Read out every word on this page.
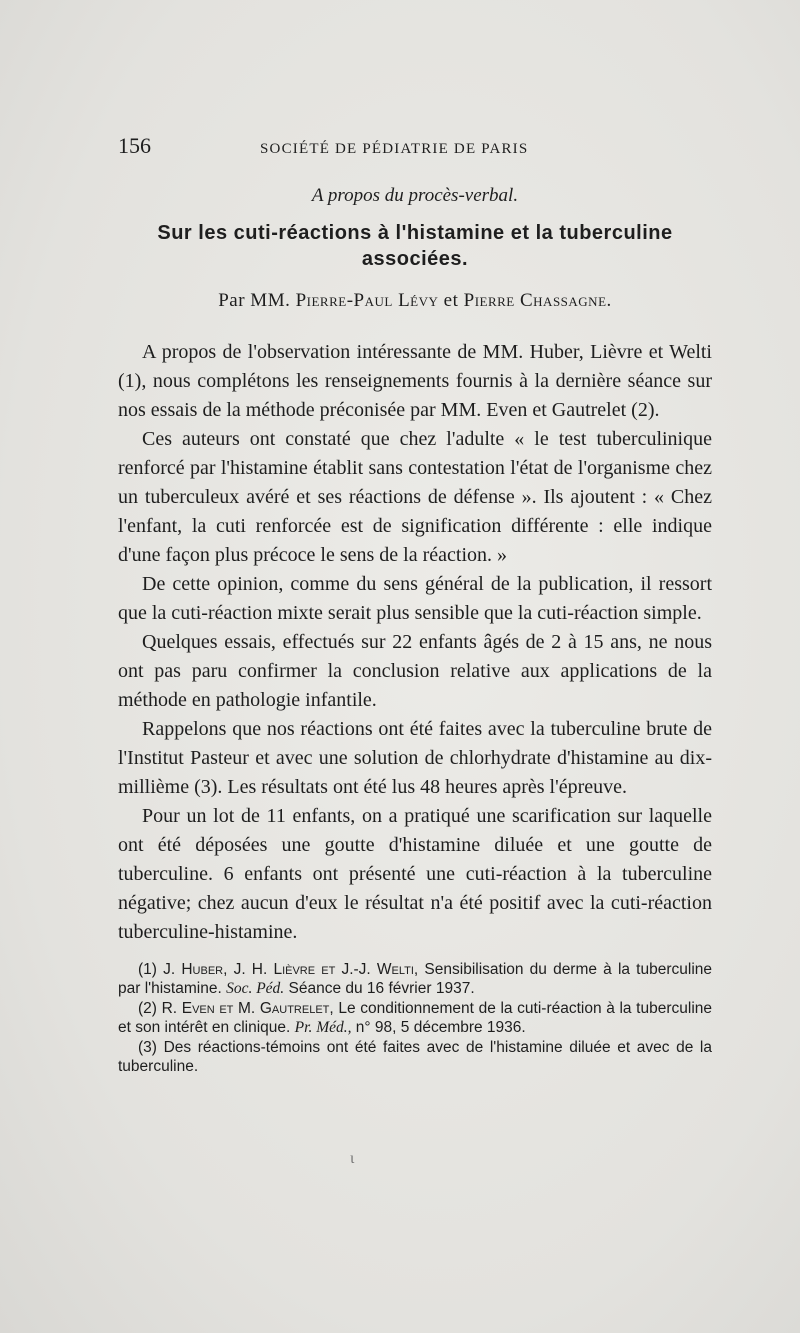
156	SOCIÉTÉ DE PÉDIATRIE DE PARIS

A propos du procès-verbal.

Sur les cuti-réactions à l'histamine et la tuberculine associées.

Par MM. Pierre-Paul Lévy et Pierre Chassagne.

A propos de l'observation intéressante de MM. Huber, Lièvre et Welti (1), nous complétons les renseignements fournis à la dernière séance sur nos essais de la méthode préconisée par MM. Even et Gautrelet (2).

Ces auteurs ont constaté que chez l'adulte « le test tuberculinique renforcé par l'histamine établit sans contestation l'état de l'organisme chez un tuberculeux avéré et ses réactions de défense ». Ils ajoutent : « Chez l'enfant, la cuti renforcée est de signification différente : elle indique d'une façon plus précoce le sens de la réaction. »

De cette opinion, comme du sens général de la publication, il ressort que la cuti-réaction mixte serait plus sensible que la cuti-réaction simple.

Quelques essais, effectués sur 22 enfants âgés de 2 à 15 ans, ne nous ont pas paru confirmer la conclusion relative aux applications de la méthode en pathologie infantile.

Rappelons que nos réactions ont été faites avec la tuberculine brute de l'Institut Pasteur et avec une solution de chlorhydrate d'histamine au dix-millième (3). Les résultats ont été lus 48 heures après l'épreuve.

Pour un lot de 11 enfants, on a pratiqué une scarification sur laquelle ont été déposées une goutte d'histamine diluée et une goutte de tuberculine. 6 enfants ont présenté une cuti-réaction à la tuberculine négative; chez aucun d'eux le résultat n'a été positif avec la cuti-réaction tuberculine-histamine.

(1) J. Huber, J. H. Lièvre et J.-J. Welti, Sensibilisation du derme à la tuberculine par l'histamine. Soc. Péd. Séance du 16 février 1937.

(2) R. Even et M. Gautrelet, Le conditionnement de la cuti-réaction à la tuberculine et son intérêt en clinique. Pr. Méd., n° 98, 5 décembre 1936.

(3) Des réactions-témoins ont été faites avec de l'histamine diluée et avec de la tuberculine.

ɩ
